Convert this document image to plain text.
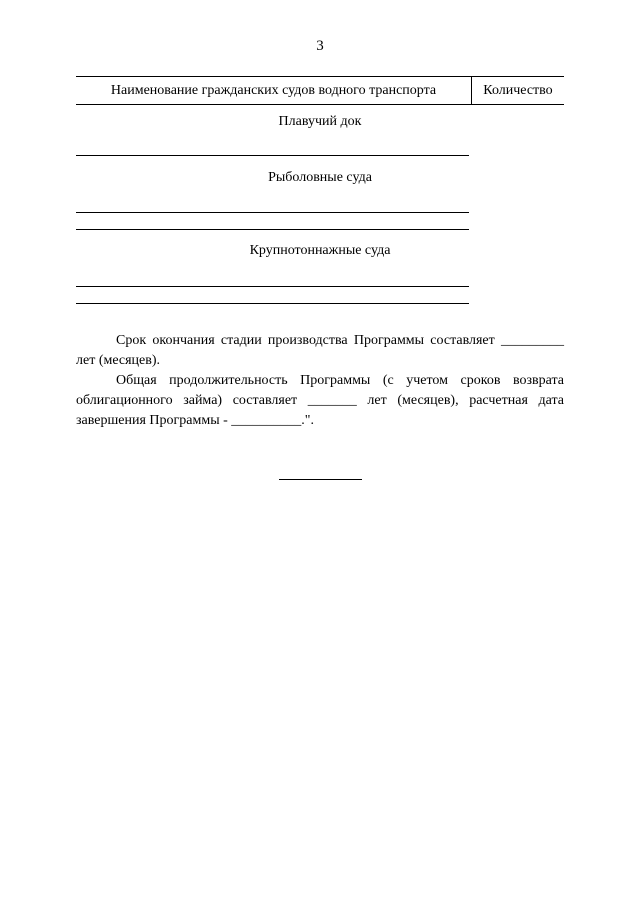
3
Наименование гражданских судов водного транспорта	Количество
Плавучий док
Рыболовные суда
Крупнотоннажные суда

Срок окончания стадии производства Программы составляет _________ лет (месяцев).

Общая продолжительность Программы (с учетом сроков возврата облигационного займа) составляет _______ лет (месяцев), расчетная дата завершения Программы - __________.".
